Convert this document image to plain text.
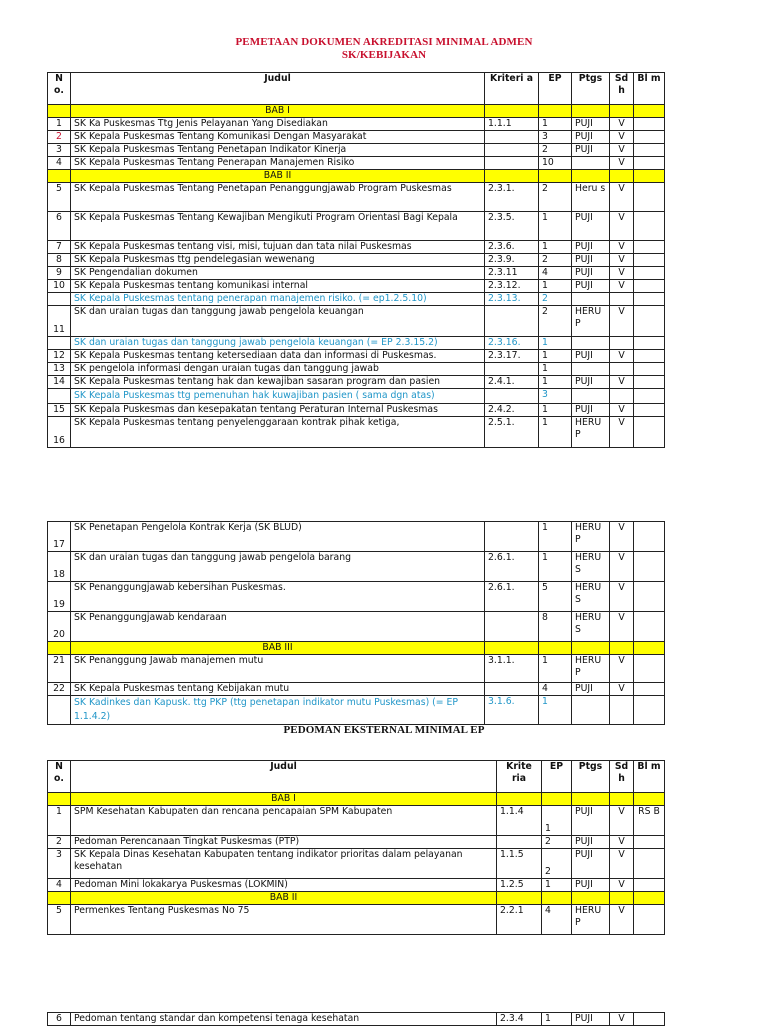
PEMETAAN DOKUMEN AKREDITASI MINIMAL ADMEN
SK/KEBIJAKAN
N o.	Judul	Kriteri a	EP	Ptgs	Sd h	Bl m
	BAB I					
1	SK Ka Puskesmas Ttg Jenis Pelayanan Yang Disediakan	1.1.1	1	PUJI	V	
2	SK Kepala Puskesmas Tentang Komunikasi Dengan Masyarakat		3	PUJI	V	
3	SK Kepala Puskesmas Tentang Penetapan Indikator Kinerja		2	PUJI	V	
4	SK Kepala Puskesmas Tentang Penerapan Manajemen Risiko		10		V	
	BAB II					
5	SK Kepala Puskesmas Tentang Penetapan Penanggungjawab Program Puskesmas	2.3.1.	2	Heru s	V	
6	SK Kepala Puskesmas Tentang Kewajiban Mengikuti Program Orientasi Bagi Kepala	2.3.5.	1	PUJI	V	
7	SK Kepala Puskesmas tentang visi, misi, tujuan dan tata nilai Puskesmas	2.3.6.	1	PUJI	V	
8	SK Kepala Puskesmas ttg pendelegasian wewenang	2.3.9.	2	PUJI	V	
9	SK Pengendalian dokumen	2.3.11	4	PUJI	V	
10	SK Kepala Puskesmas tentang komunikasi internal	2.3.12.	1	PUJI	V	
	SK Kepala Puskesmas tentang penerapan manajemen risiko. (= ep1.2.5.10)	2.3.13.	2			
11	SK dan uraian tugas dan tanggung jawab pengelola keuangan		2	HERU P	V	
	SK dan uraian tugas dan tanggung jawab pengelola keuangan (= EP 2.3.15.2)	2.3.16.	1			
12	SK Kepala Puskesmas tentang ketersediaan data dan informasi di Puskesmas.	2.3.17.	1	PUJI	V	
13	SK pengelola informasi dengan uraian tugas dan tanggung jawab		1			
14	SK Kepala Puskesmas tentang hak dan kewajiban sasaran program dan pasien	2.4.1.	1	PUJI	V	
	SK Kepala Puskesmas ttg pemenuhan hak kuwajiban pasien ( sama dgn atas)		3			
15	SK Kepala Puskesmas dan kesepakatan tentang Peraturan Internal Puskesmas	2.4.2.	1	PUJI	V	
16	SK Kepala Puskesmas tentang penyelenggaraan kontrak pihak ketiga,	2.5.1.	1	HERU P	V	
17	SK Penetapan Pengelola Kontrak Kerja (SK BLUD)		1	HERU P	V	
18	SK dan uraian tugas dan tanggung jawab pengelola barang	2.6.1.	1	HERU S	V	
19	SK Penanggungjawab kebersihan Puskesmas.	2.6.1.	5	HERU S	V	
20	SK Penanggungjawab kendaraan		8	HERU S	V	
	BAB III					
21	SK Penanggung Jawab manajemen mutu	3.1.1.	1	HERU P	V	
22	SK Kepala Puskesmas tentang Kebijakan mutu		4	PUJI	V	
	SK Kadinkes dan Kapusk. ttg PKP (ttg penetapan indikator mutu Puskesmas) (= EP 1.1.4.2)	3.1.6.	1			
PEDOMAN EKSTERNAL MINIMAL EP
N o.	Judul	Krite ria	EP	Ptgs	Sd h	Bl m
	BAB I					
1	SPM Kesehatan Kabupaten dan rencana pencapaian SPM Kabupaten	1.1.4	1	PUJI	V	RS B
2	Pedoman Perencanaan Tingkat Puskesmas (PTP)		2	PUJI	V	
3	SK Kepala Dinas Kesehatan Kabupaten tentang indikator prioritas dalam pelayanan kesehatan	1.1.5	2	PUJI	V	
4	Pedoman Mini lokakarya Puskesmas (LOKMIN)	1.2.5	1	PUJI	V	
	BAB II					
5	Permenkes Tentang Puskesmas No 75	2.2.1	4	HERU P	V	
6	Pedoman tentang standar dan kompetensi tenaga kesehatan	2.3.4	1	PUJI	V	
